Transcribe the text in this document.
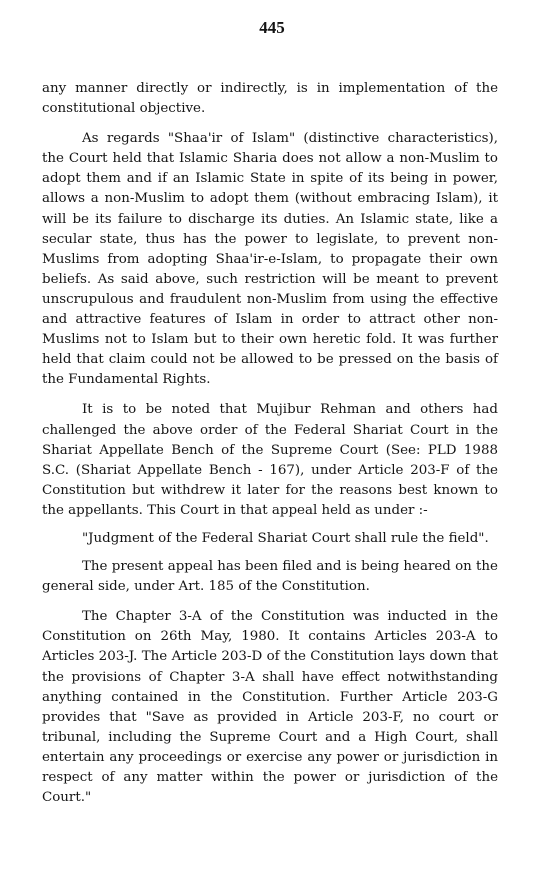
445

any manner directly or indirectly, is in implementation of the constitutional objective.

As regards "Shaa'ir of Islam" (distinctive characteristics), the Court held that Islamic Sharia does not allow a non-Muslim to adopt them and if an Islamic State in spite of its being in power, allows a non-Muslim to adopt them (without embracing Islam), it will be its failure to discharge its duties. An Islamic state, like a secular state, thus has the power to legislate, to prevent non-Muslims from adopting Shaa'ir-e-Islam, to propagate their own beliefs. As said above, such restriction will be meant to prevent unscrupulous and fraudulent non-Muslim from using the effective and attractive features of Islam in order to attract other non-Muslims not to Islam but to their own heretic fold. It was further held that claim could not be allowed to be pressed on the basis of the Fundamental Rights.

It is to be noted that Mujibur Rehman and others had challenged the above order of the Federal Shariat Court in the Shariat Appellate Bench of the Supreme Court (See: PLD 1988 S.C. (Shariat Appellate Bench - 167), under Article 203-F of the Constitution but withdrew it later for the reasons best known to the appellants. This Court in that appeal held as under :-

"Judgment of the Federal Shariat Court shall rule the field".

The present appeal has been filed and is being heared on the general side, under Art. 185 of the Constitution.

The Chapter 3-A of the Constitution was inducted in the Constitution on 26th May, 1980. It contains Articles 203-A to Articles 203-J. The Article 203-D of the Constitution lays down that the provisions of Chapter 3-A shall have effect notwithstanding anything contained in the Constitution. Further Article 203-G provides that "Save as provided in Article 203-F, no court or tribunal, including the Supreme Court and a High Court, shall entertain any proceedings or exercise any power or jurisdiction in respect of any matter within the power or jurisdiction of the Court."
